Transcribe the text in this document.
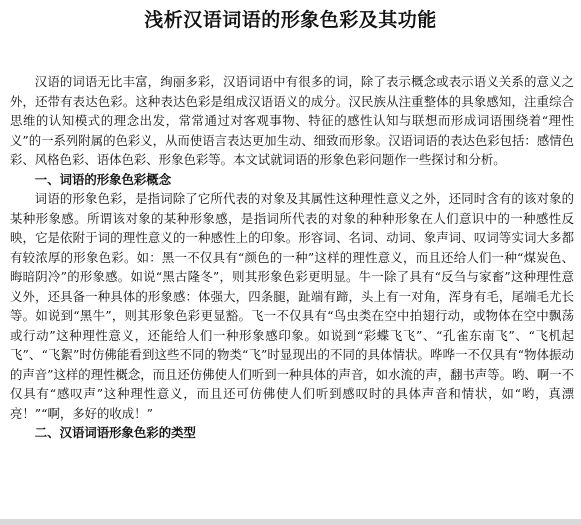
浅析汉语词语的形象色彩及其功能

汉语的词语无比丰富，绚丽多彩，汉语词语中有很多的词，除了表示概念或表示语义关系的意义之外，还带有表达色彩。这种表达色彩是组成汉语语义的成分。汉民族从注重整体的具象感知，注重综合思维的认知模式的理念出发，常常通过对客观事物、特征的感性认知与联想而形成词语围绕着“理性义”的一系列附属的色彩义，从而使语言表达更加生动、细致而形象。汉语词语的表达色彩包括：感情色彩、风格色彩、语体色彩、形象色彩等。本文试就词语的形象色彩问题作一些探讨和分析。

一、词语的形象色彩概念

词语的形象色彩，是指词除了它所代表的对象及其属性这种理性意义之外，还同时含有的该对象的某种形象感。所谓该对象的某种形象感，是指词所代表的对象的种种形象在人们意识中的一种感性反映，它是依附于词的理性意义的一种感性上的印象。形容词、名词、动词、象声词、叹词等实词大多都有较浓厚的形象色彩。如：黑一不仅具有“颜色的一种”这样的理性意义，而且还给人们一种“煤炭色、晦暗阴冷”的形象感。如说“黑古隆冬”，则其形象色彩更明显。牛一除了具有“反刍与家畜”这种理性意义外，还具备一种具体的形象感：体强大，四条腿，趾端有蹄，头上有一对角，浑身有毛，尾端毛尤长等。如说到“黑牛”，则其形象色彩更显豁。飞一不仅具有“鸟虫类在空中拍翅行动，或物体在空中飘荡或行动”这种理性意义，还能给人们一种形象感印象。如说到“彩蝶飞飞”、“孔雀东南飞”、“飞机起飞”、“飞絮”时仿佛能看到这些不同的物类“飞”时显现出的不同的具体情状。哗哗一不仅具有“物体振动的声音”这样的理性概念，而且还仿佛使人们听到一种具体的声音，如水流的声，翻书声等。哟、啊一不仅具有“感叹声”这种理性意义，而且还可仿佛使人们听到感叹时的具体声音和情状，如“哟，真漂亮！”“啊，多好的收成！”

二、汉语词语形象色彩的类型
